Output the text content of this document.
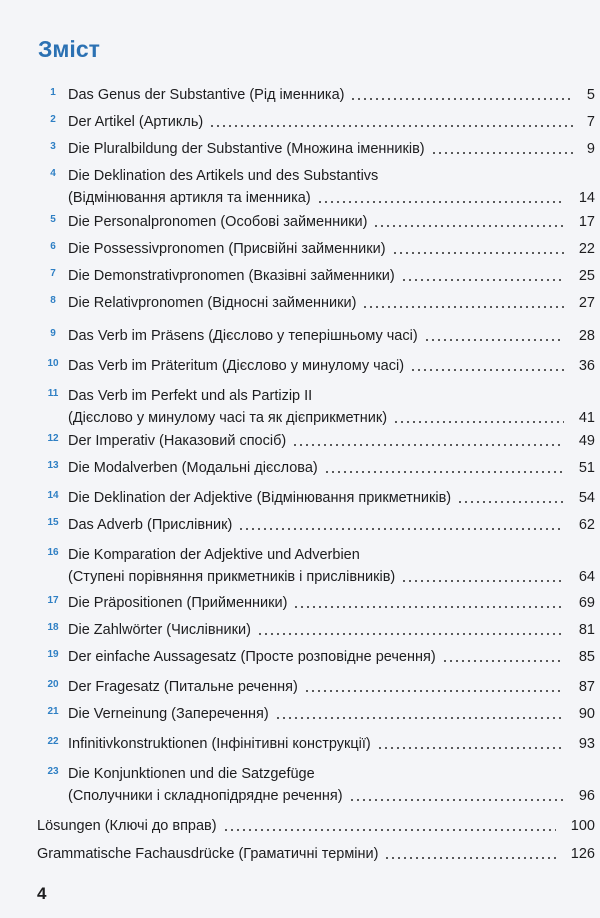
Зміст
1 Das Genus der Substantive (Рід іменника)	5
2 Der Artikel (Артикль)	7
3 Die Pluralbildung der Substantive (Множина іменників)	9
4 Die Deklination des Artikels und des Substantivs
(Відмінювання артикля та іменника)	14
5 Die Personalpronomen (Особові займенники)	17
6 Die Possessivpronomen (Присвійні займенники)	22
7 Die Demonstrativpronomen (Вказівні займенники)	25
8 Die Relativpronomen (Відносні займенники)	27
9 Das Verb im Präsens (Дієслово у теперішньому часі)	28
10 Das Verb im Präteritum (Дієслово у минулому часі)	36
11 Das Verb im Perfekt und als Partizip II
(Дієслово у минулому часі та як дієприкметник)	41
12 Der Imperativ (Наказовий спосіб)	49
13 Die Modalverben (Модальні дієслова)	51
14 Die Deklination der Adjektive (Відмінювання прикметників)	54
15 Das Adverb (Прислівник)	62
16 Die Komparation der Adjektive und Adverbien
(Ступені порівняння прикметників і прислівників)	64
17 Die Präpositionen (Прийменники)	69
18 Die Zahlwörter (Числівники)	81
19 Der einfache Aussagesatz (Просте розповідне речення)	85
20 Der Fragesatz (Питальне речення)	87
21 Die Verneinung (Заперечення)	90
22 Infinitivkonstruktionen (Інфінітивні конструкції)	93
23 Die Konjunktionen und die Satzgefüge
(Сполучники і складнопідрядне речення)	96
Lösungen (Ключі до вправ)	100
Grammatische Fachausdrücke (Граматичні терміни)	126
4
